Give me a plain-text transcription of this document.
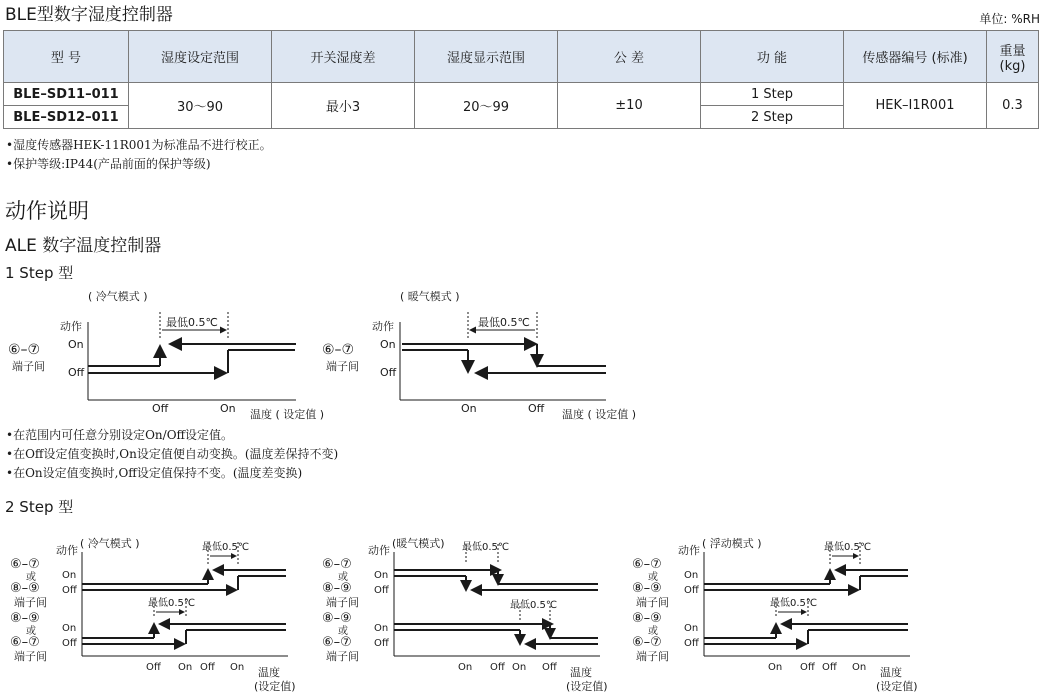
BLE型数字湿度控制器	单位: %RH
型 号	湿度设定范围	开关湿度差	湿度显示范围	公 差	功 能	传感器编号 (标准)	重量
(kg)
BLE–SD11–011	30～90	最小3	20～99	±10	1 Step	HEK–I1R001	0.3
BLE–SD12–011					2 Step		
•湿度传感器HEK-11R001为标准品不进行校正。
•保护等级:IP44(产品前面的保护等级)
动作说明
ALE 数字温度控制器
1 Step 型
( 冷气模式 )
动作
On
Off
⑥–⑦
端子间
最低0.5℃
Off	On 温度 ( 设定值 )
( 暖气模式 )
动作
On
Off
⑥–⑦
端子间
最低0.5℃
On	Off 温度 ( 设定值 )
•在范围内可任意分别设定On/Off设定值。
•在Off设定值变换时,On设定值便自动变换。(温度差保持不变)
•在On设定值变换时,Off设定值保持不变。(温度差变换)
2 Step 型
动作
( 冷气模式 )
⑥–⑦
或
⑧–⑨
端子间
⑧–⑨
或
⑥–⑦
端子间
On
Off
On
Off
Off On Off On 温度
(设定值)
最低0.5℃
最低0.5℃
动作
(暖气模式)
⑥–⑦
或
⑧–⑨
端子间
⑧–⑨
或
⑥–⑦
端子间
On
Off
On
Off
On Off On Off 温度
(设定值)
最低0.5℃
最低0.5℃
动作
( 浮动模式 )
⑥–⑦
或
⑧–⑨
端子间
⑧–⑨
或
⑥–⑦
端子间
On
Off
On
Off
On Off Off On 温度
(设定值)
最低0.5℃
最低0.5℃
